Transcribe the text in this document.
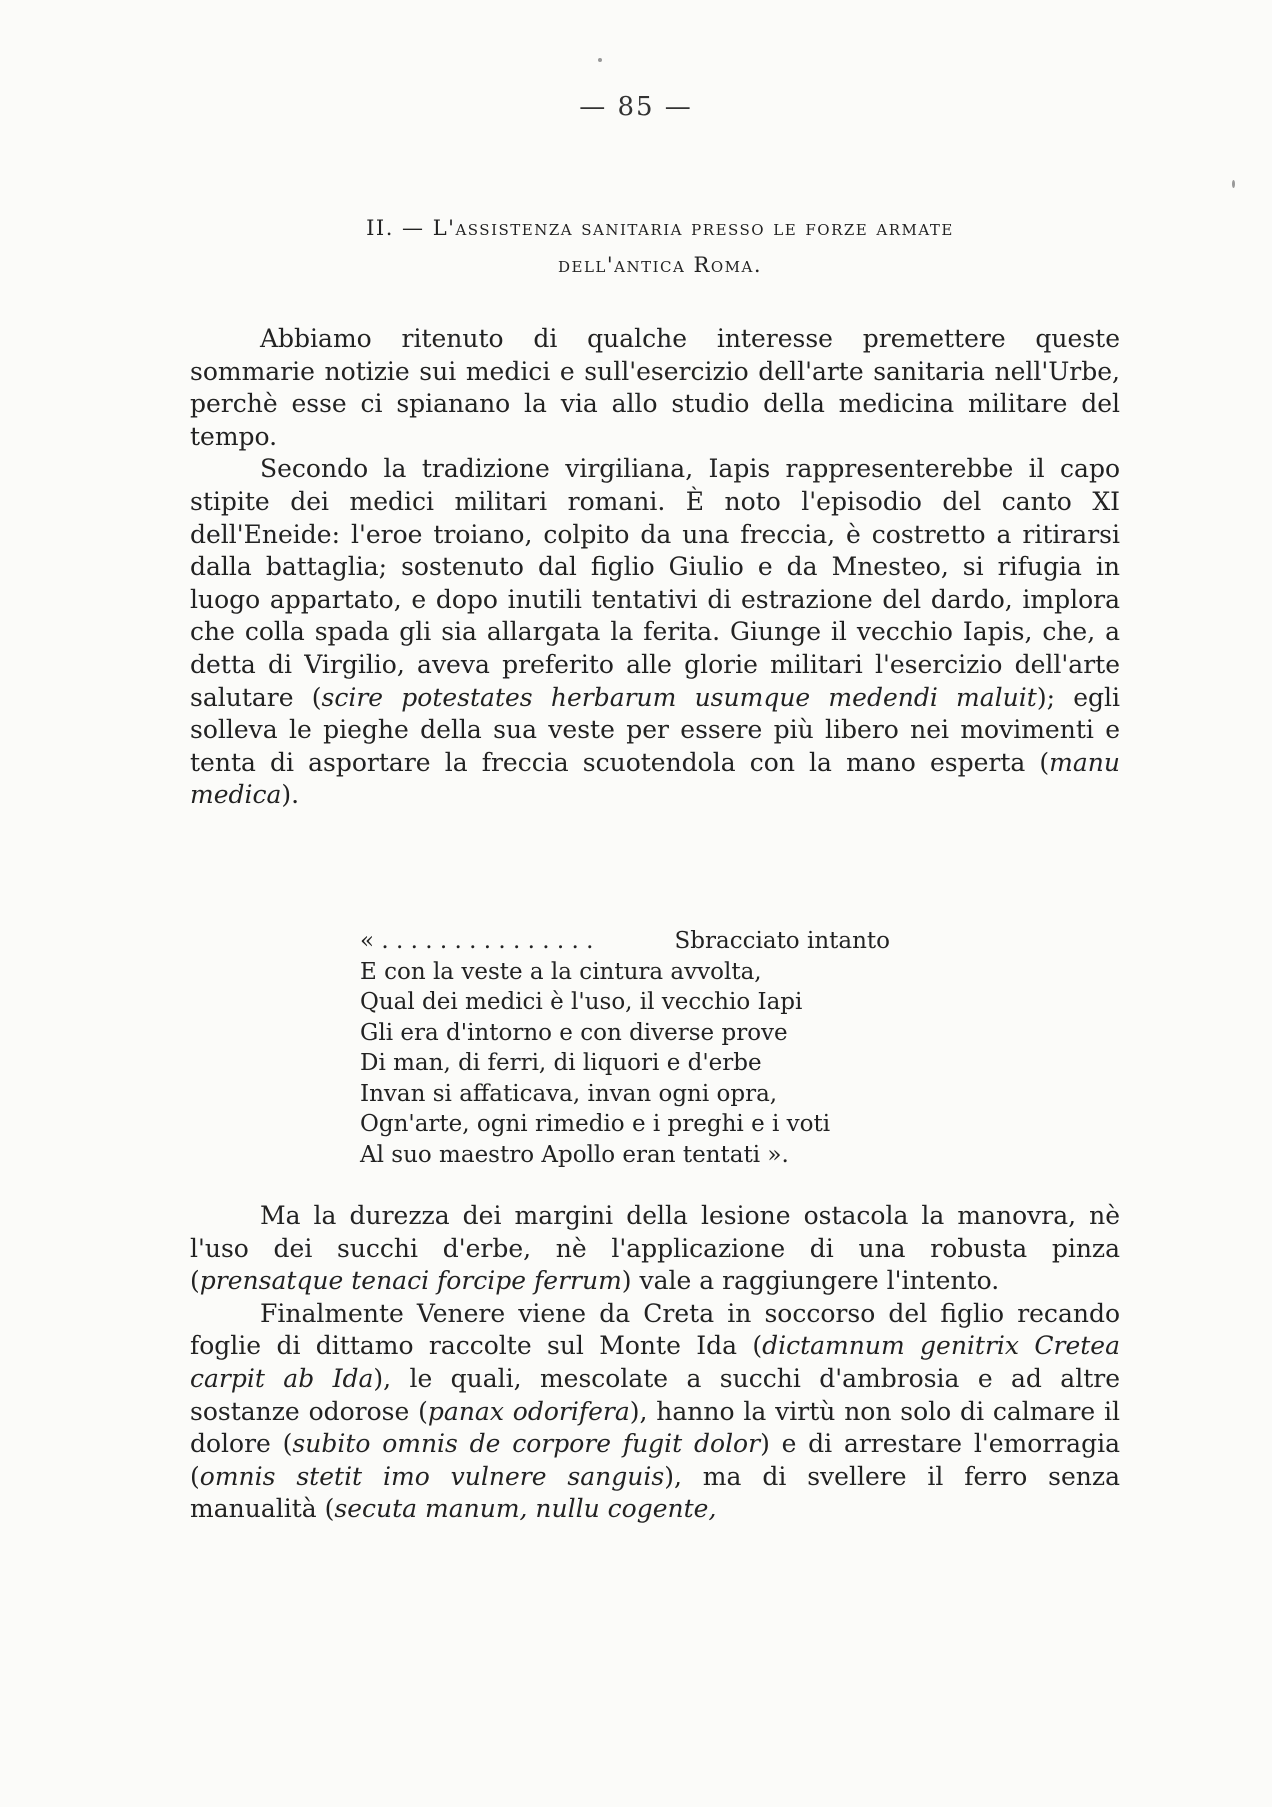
— 85 —
II. — L'assistenza sanitaria presso le forze armate
dell'antica Roma.

Abbiamo ritenuto di qualche interesse premettere queste sommarie notizie sui medici e sull'esercizio dell'arte sanitaria nell'Urbe, perchè esse ci spianano la via allo studio della medicina militare del tempo.

Secondo la tradizione virgiliana, Iapis rappresenterebbe il capo stipite dei medici militari romani. È noto l'episodio del canto XI dell'Eneide: l'eroe troiano, colpito da una freccia, è costretto a ritirarsi dalla battaglia; sostenuto dal figlio Giulio e da Mnesteo, si rifugia in luogo appartato, e dopo inutili tentativi di estrazione del dardo, implora che colla spada gli sia allargata la ferita. Giunge il vecchio Iapis, che, a detta di Virgilio, aveva preferito alle glorie militari l'esercizio dell'arte salutare (scire potestates herbarum usumque medendi maluit); egli solleva le pieghe della sua veste per essere più libero nei movimenti e tenta di asportare la freccia scuotendola con la mano esperta (manu medica).

« . . . . . . . . . . . . . . .	Sbracciato intanto
E con la veste a la cintura avvolta,
Qual dei medici è l'uso, il vecchio Iapi
Gli era d'intorno e con diverse prove
Di man, di ferri, di liquori e d'erbe
Invan si affaticava, invan ogni opra,
Ogn'arte, ogni rimedio e i preghi e i voti
Al suo maestro Apollo eran tentati ».

Ma la durezza dei margini della lesione ostacola la manovra, nè l'uso dei succhi d'erbe, nè l'applicazione di una robusta pinza (prensatque tenaci forcipe ferrum) vale a raggiungere l'intento.

Finalmente Venere viene da Creta in soccorso del figlio recando foglie di dittamo raccolte sul Monte Ida (dictamnum genitrix Cretea carpit ab Ida), le quali, mescolate a succhi d'ambrosia e ad altre sostanze odorose (panax odorifera), hanno la virtù non solo di calmare il dolore (subito omnis de corpore fugit dolor) e di arrestare l'emorragia (omnis stetit imo vulnere sanguis), ma di svellere il ferro senza manualità (secuta manum, nullu cogente,
